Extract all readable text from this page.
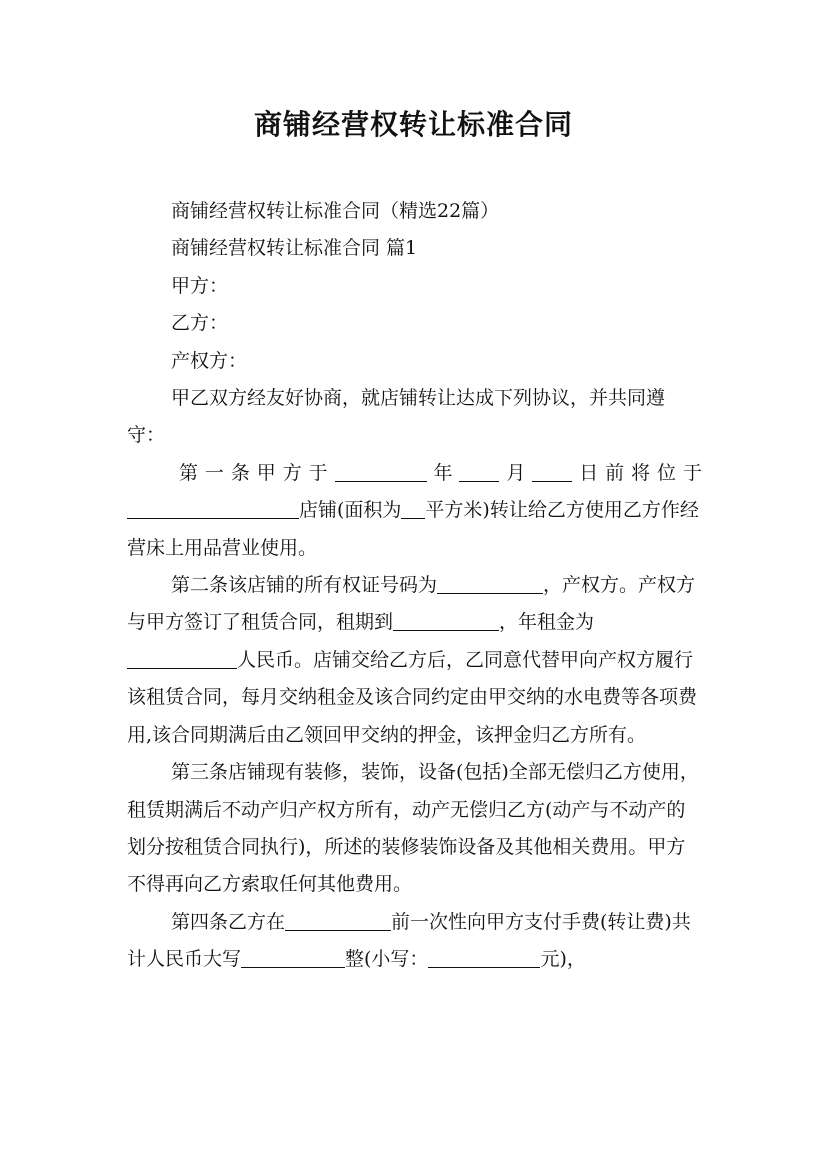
商铺经营权转让标准合同

商铺经营权转让标准合同（精选22篇）

商铺经营权转让标准合同 篇1

甲方：

乙方：

产权方：

甲乙双方经友好协商，就店铺转让达成下列协议，并共同遵守：

第一条甲方于	年 月 日前将位于
店铺(面积为 平方米)转让给乙方使用乙方作经营床上用品营业使用。

第二条该店铺的所有权证号码为	，产权方。产权方与甲方签订了租赁合同，租期到	，年租金为人民币。店铺交给乙方后，乙同意代替甲向产权方履行该租赁合同，每月交纳租金及该合同约定由甲交纳的水电费等各项费用,该合同期满后由乙领回甲交纳的押金，该押金归乙方所有。

第三条店铺现有装修，装饰，设备(包括)全部无偿归乙方使用，租赁期满后不动产归产权方所有，动产无偿归乙方(动产与不动产的划分按租赁合同执行)，所述的装修装饰设备及其他相关费用。甲方不得再向乙方索取任何其他费用。

第四条乙方在	前一次性向甲方支付手费(转让费)共计人民币大写	整(小写：	元)，
